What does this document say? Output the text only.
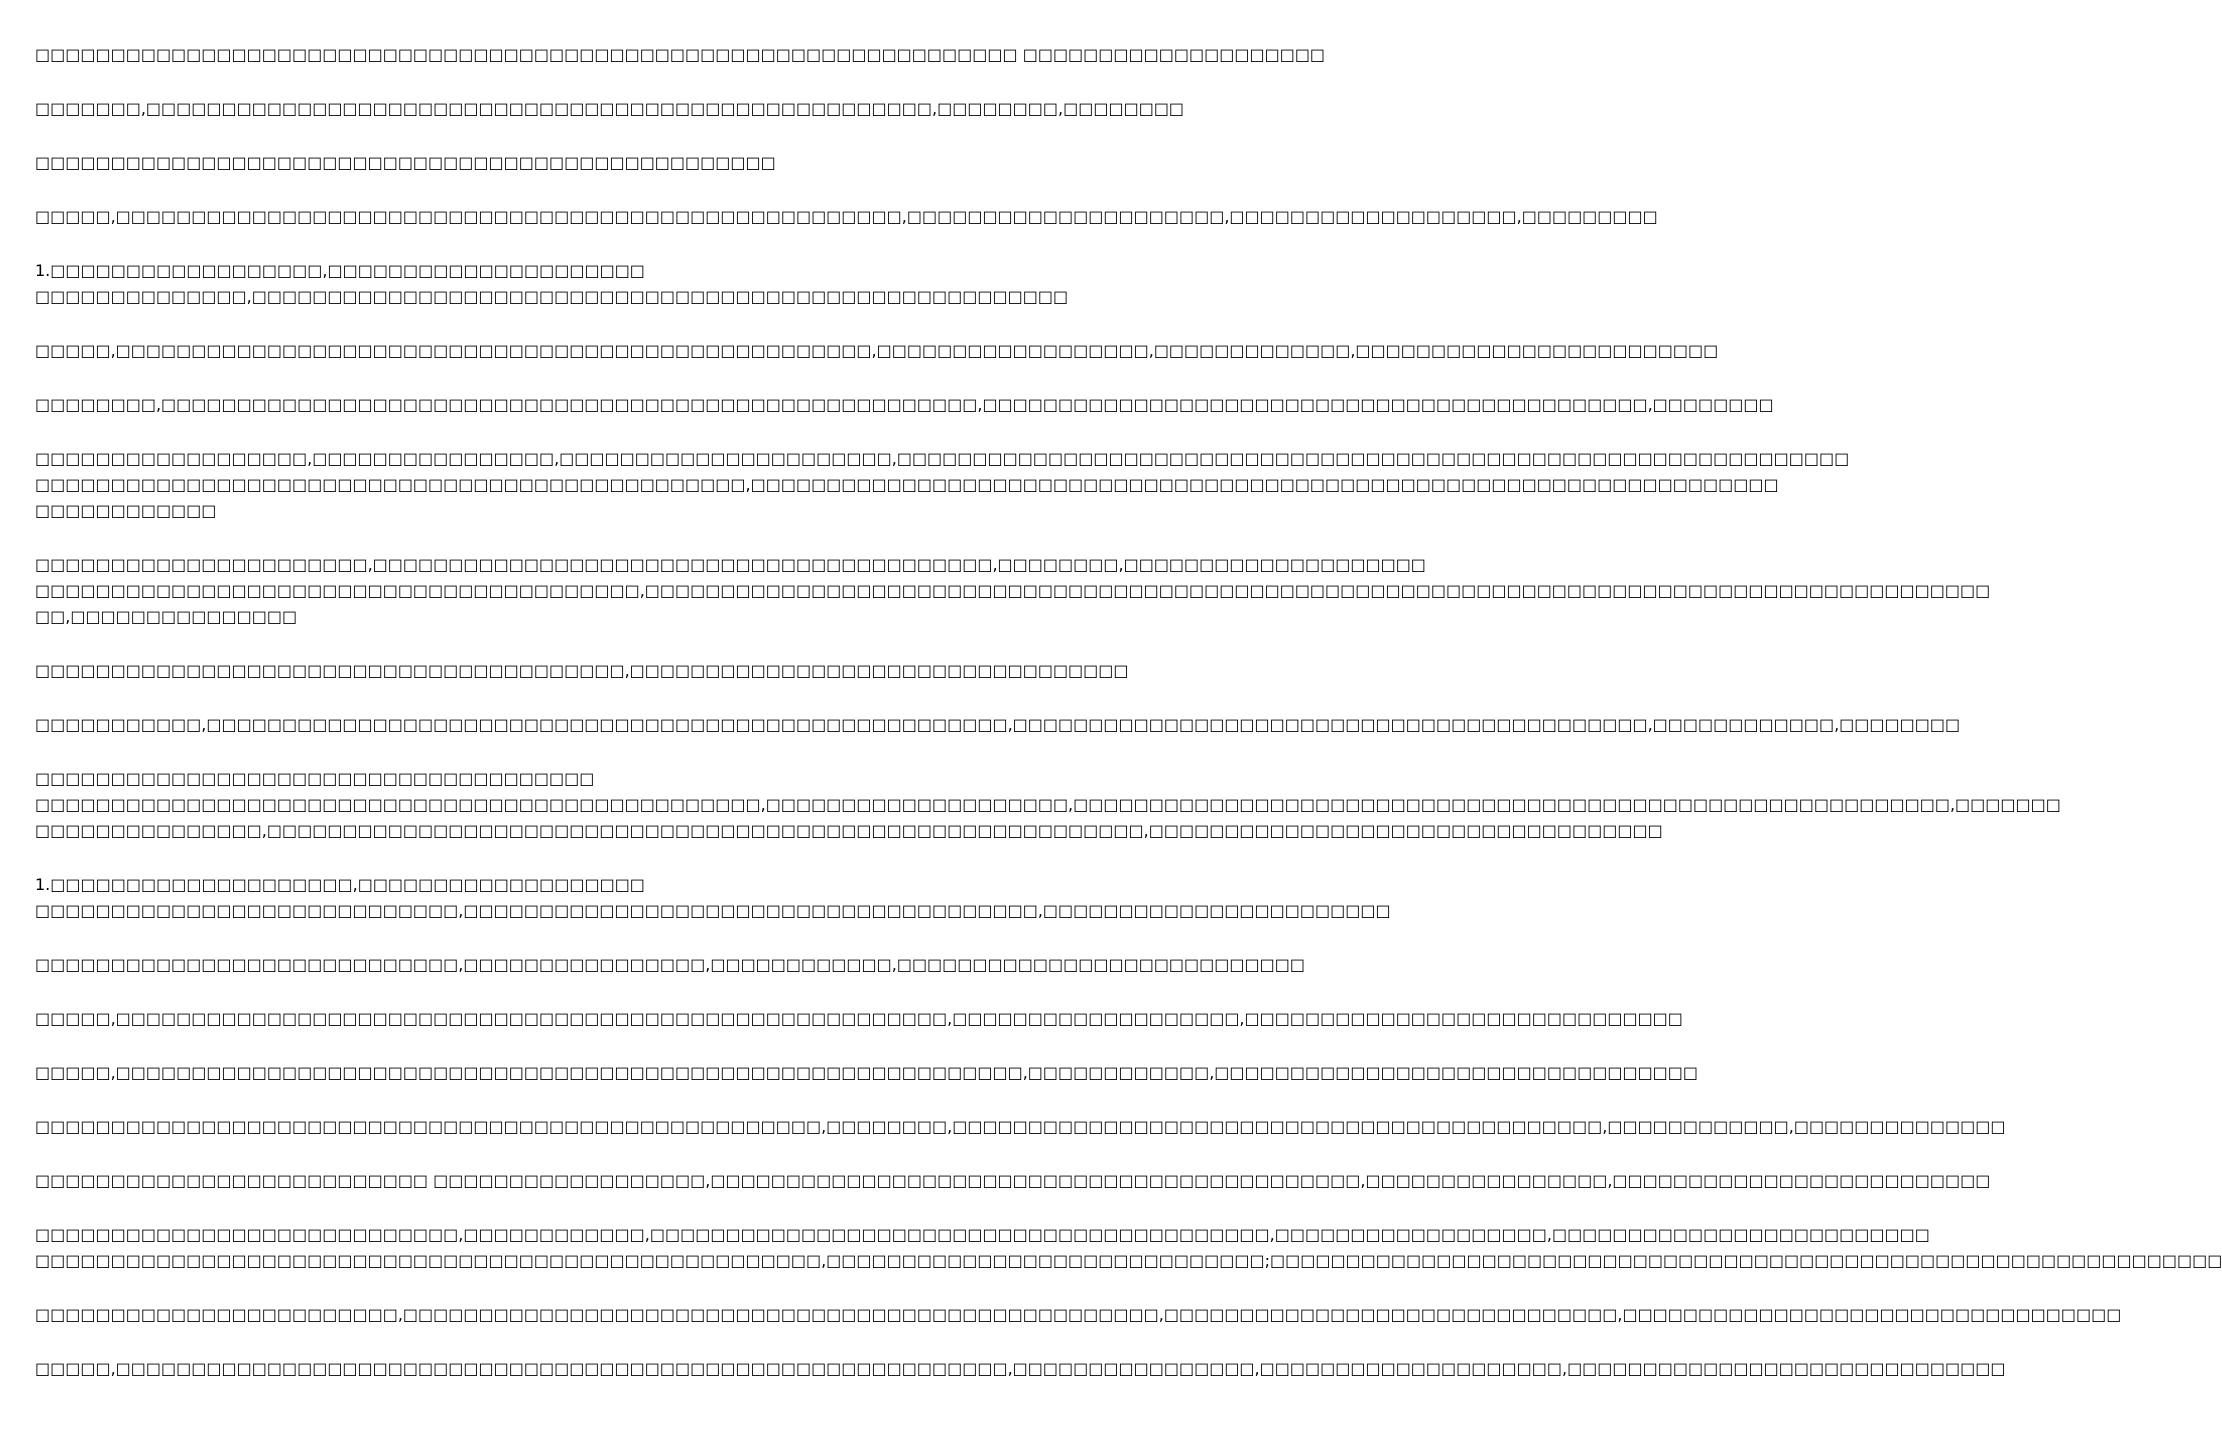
□□□□□□□□□□□□□□□□□□□□□□□□□□□□□□□□□□□□□□□□□□□□□□□□□□□□□□□□□□□□□□□□□ □□□□□□□□□□□□□□□□□□□□
□□□□□□□,□□□□□□□□□□□□□□□□□□□□□□□□□□□□□□□□□□□□□□□□□□□□□□□□□□□□,□□□□□□□□,□□□□□□□□
□□□□□□□□□□□□□□□□□□□□□□□□□□□□□□□□□□□□□□□□□□□□□□□□□
□□□□□,□□□□□□□□□□□□□□□□□□□□□□□□□□□□□□□□□□□□□□□□□□□□□□□□□□□□,□□□□□□□□□□□□□□□□□□□□□,□□□□□□□□□□□□□□□□□□□,□□□□□□□□□
1.□□□□□□□□□□□□□□□□□□,□□□□□□□□□□□□□□□□□□□□□
□□□□□□□□□□□□□□,□□□□□□□□□□□□□□□□□□□□□□□□□□□□□□□□□□□□□□□□□□□□□□□□□□□□□□
□□□□□,□□□□□□□□□□□□□□□□□□□□□□□□□□□□□□□□□□□□□□□□□□□□□□□□□□,□□□□□□□□□□□□□□□□□□,□□□□□□□□□□□□□,□□□□□□□□□□□□□□□□□□□□□□□□
□□□□□□□□,□□□□□□□□□□□□□□□□□□□□□□□□□□□□□□□□□□□□□□□□□□□□□□□□□□□□□□,□□□□□□□□□□□□□□□□□□□□□□□□□□□□□□□□□□□□□□□□□□□□,□□□□□□□□
□□□□□□□□□□□□□□□□□□,□□□□□□□□□□□□□□□□,□□□□□□□□□□□□□□□□□□□□□□,□□□□□□□□□□□□□□□□□□□□□□□□□□□□□□□□□□□□□□□□□□□□□□□□□□□□□□□□□□□□□□□
□□□□□□□□□□□□□□□□□□□□□□□□□□□□□□□□□□□□□□□□□□□□□□□,□□□□□□□□□□□□□□□□□□□□□□□□□□□□□□□□□□□□□□□□□□□□□□□□□□□□□□□□□□□□□□□□□□□□
□□□□□□□□□□□□
□□□□□□□□□□□□□□□□□□□□□□,□□□□□□□□□□□□□□□□□□□□□□□□□□□□□□□□□□□□□□□□□,□□□□□□□□,□□□□□□□□□□□□□□□□□□□□
□□□□□□□□□□□□□□□□□□□□□□□□□□□□□□□□□□□□□□□□,□□□□□□□□□□□□□□□□□□□□□□□□□□□□□□□□□□□□□□□□□□□□□□□□□□□□□□□□□□□□□□□□□□□□□□□□□□□□□□□□□□□□□□□□□
□□,□□□□□□□□□□□□□□□
□□□□□□□□□□□□□□□□□□□□□□□□□□□□□□□□□□□□□□□,□□□□□□□□□□□□□□□□□□□□□□□□□□□□□□□□□
□□□□□□□□□□□,□□□□□□□□□□□□□□□□□□□□□□□□□□□□□□□□□□□□□□□□□□□□□□□□□□□□□,□□□□□□□□□□□□□□□□□□□□□□□□□□□□□□□□□□□□□□□□□□,□□□□□□□□□□□□,□□□□□□□□
□□□□□□□□□□□□□□□□□□□□□□□□□□□□□□□□□□□□□
□□□□□□□□□□□□□□□□□□□□□□□□□□□□□□□□□□□□□□□□□□□□□□□□,□□□□□□□□□□□□□□□□□□□□,□□□□□□□□□□□□□□□□□□□□□□□□□□□□□□□□□□□□□□□□□□□□□□□□□□□□□□□□□□,□□□□□□□
□□□□□□□□□□□□□□□,□□□□□□□□□□□□□□□□□□□□□□□□□□□□□□□□□□□□□□□□□□□□□□□□□□□□□□□□□□,□□□□□□□□□□□□□□□□□□□□□□□□□□□□□□□□□□
1.□□□□□□□□□□□□□□□□□□□□,□□□□□□□□□□□□□□□□□□□
□□□□□□□□□□□□□□□□□□□□□□□□□□□□,□□□□□□□□□□□□□□□□□□□□□□□□□□□□□□□□□□□□□□,□□□□□□□□□□□□□□□□□□□□□□□
□□□□□□□□□□□□□□□□□□□□□□□□□□□□,□□□□□□□□□□□□□□□□,□□□□□□□□□□□□,□□□□□□□□□□□□□□□□□□□□□□□□□□□
□□□□□,□□□□□□□□□□□□□□□□□□□□□□□□□□□□□□□□□□□□□□□□□□□□□□□□□□□□□□□,□□□□□□□□□□□□□□□□□□□,□□□□□□□□□□□□□□□□□□□□□□□□□□□□□
□□□□□,□□□□□□□□□□□□□□□□□□□□□□□□□□□□□□□□□□□□□□□□□□□□□□□□□□□□□□□□□□□□,□□□□□□□□□□□□,□□□□□□□□□□□□□□□□□□□□□□□□□□□□□□□□
□□□□□□□□□□□□□□□□□□□□□□□□□□□□□□□□□□□□□□□□□□□□□□□□□□□□,□□□□□□□□,□□□□□□□□□□□□□□□□□□□□□□□□□□□□□□□□□□□□□□□□□□□,□□□□□□□□□□□□,□□□□□□□□□□□□□□
□□□□□□□□□□□□□□□□□□□□□□□□□□ □□□□□□□□□□□□□□□□□□,□□□□□□□□□□□□□□□□□□□□□□□□□□□□□□□□□□□□□□□□□□□,□□□□□□□□□□□□□□□□,□□□□□□□□□□□□□□□□□□□□□□□□□
□□□□□□□□□□□□□□□□□□□□□□□□□□□□,□□□□□□□□□□□□,□□□□□□□□□□□□□□□□□□□□□□□□□□□□□□□□□□□□□□□□□,□□□□□□□□□□□□□□□□□□,□□□□□□□□□□□□□□□□□□□□□□□□□
□□□□□□□□□□□□□□□□□□□□□□□□□□□□□□□□□□□□□□□□□□□□□□□□□□□□,□□□□□□□□□□□□□□□□□□□□□□□□□□□□□;□□□□□□□□□□□□□□□□□□□□□□□□□□□□□□□□□□□□□□□□□□□□□□□□□□□□□□□□□□□□□□□
□□□□□□□□□□□□□□□□□□□□□□□□,□□□□□□□□□□□□□□□□□□□□□□□□□□□□□□□□□□□□□□□□□□□□□□□□□□,□□□□□□□□□□□□□□□□□□□□□□□□□□□□□□,□□□□□□□□□□□□□□□□□□□□□□□□□□□□□□□□□
□□□□□,□□□□□□□□□□□□□□□□□□□□□□□□□□□□□□□□□□□□□□□□□□□□□□□□□□□□□□□□□□□,□□□□□□□□□□□□□□□□,□□□□□□□□□□□□□□□□□□□□,□□□□□□□□□□□□□□□□□□□□□□□□□□□□□
